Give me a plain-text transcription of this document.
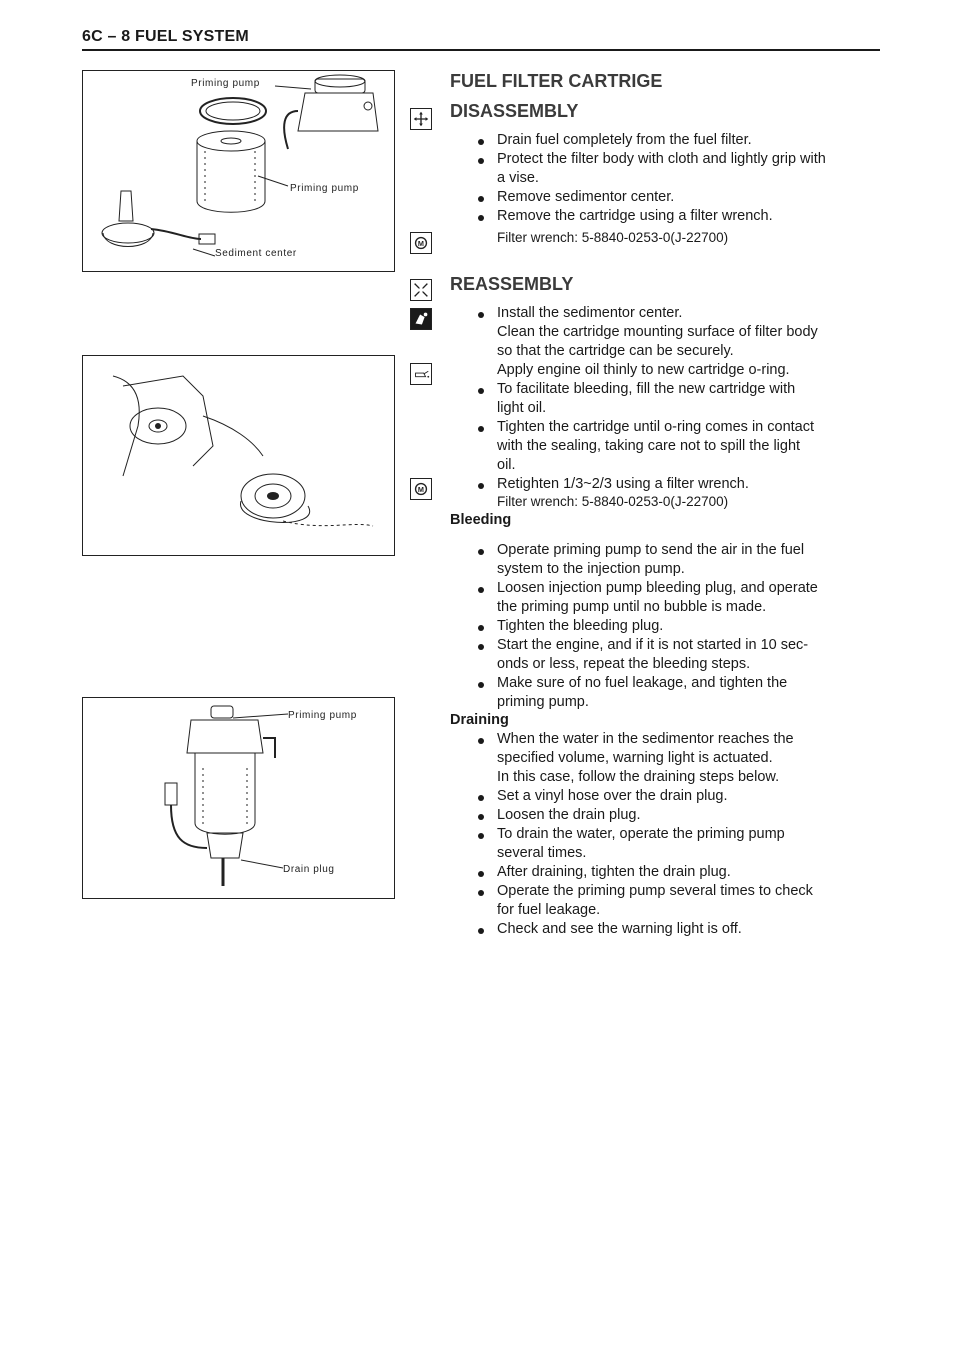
6C – 8 FUEL SYSTEM
Priming pump
Priming pump
Sediment center
Priming pump
Drain plug
M
M
FUEL FILTER CARTRIGE
DISASSEMBLY
Drain fuel completely from the fuel filter.
Protect the filter body with cloth and lightly grip with
a vise.
Remove sedimentor center.
Remove the cartridge using a filter wrench.
Filter wrench: 5-8840-0253-0(J-22700)
REASSEMBLY
Install the sedimentor center.
Clean the cartridge mounting surface of filter body
so that the cartridge can be securely.
Apply engine oil thinly to new cartridge o-ring.
To facilitate bleeding, fill the new cartridge with
light oil.
Tighten the cartridge until o-ring comes in contact
with the sealing, taking care not to spill the light
oil.
Retighten 1/3~2/3 using a filter wrench.
Filter wrench: 5-8840-0253-0(J-22700)
Bleeding
Operate priming pump to send the air in the fuel
system to the injection pump.
Loosen injection pump bleeding plug, and operate
the priming pump until no bubble is made.
Tighten the bleeding plug.
Start the engine, and if it is not started in 10 sec-
onds or less, repeat the bleeding steps.
Make sure of no fuel leakage, and tighten the
priming pump.
Draining
When the water in the sedimentor reaches the
specified volume, warning light is actuated.
In this case, follow the draining steps below.
Set a vinyl hose over the drain plug.
Loosen the drain plug.
To drain the water, operate the priming pump
several times.
After draining, tighten the drain plug.
Operate the priming pump several times to check
for fuel leakage.
Check and see the warning light is off.
